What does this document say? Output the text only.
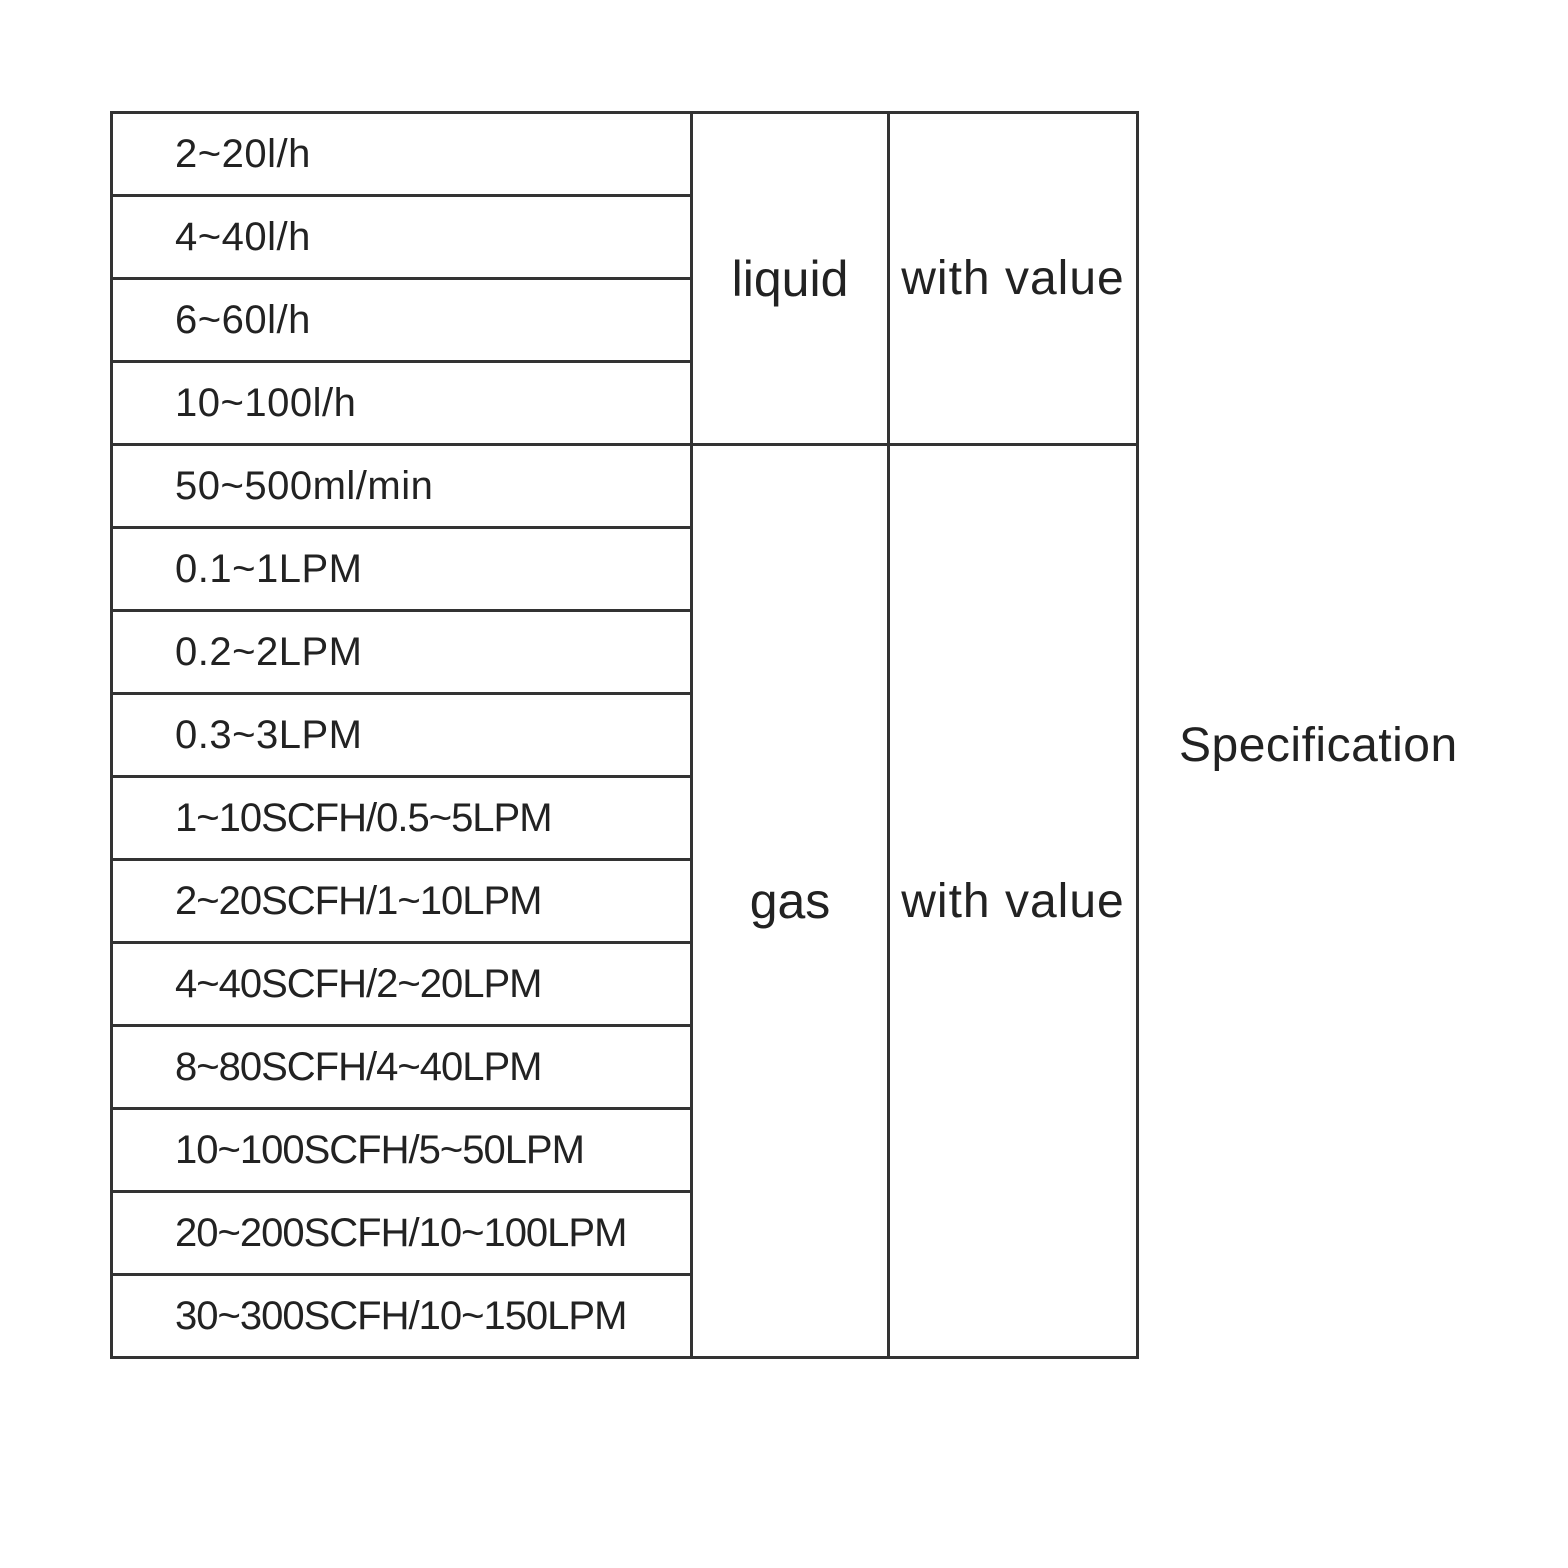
2~20l/h	liquid	with value
4~40l/h		
6~60l/h		
10~100l/h		
50~500ml/min	gas	with value
0.1~1LPM		
0.2~2LPM		
0.3~3LPM		
1~10SCFH/0.5~5LPM		
2~20SCFH/1~10LPM		
4~40SCFH/2~20LPM		
8~80SCFH/4~40LPM		
10~100SCFH/5~50LPM		
20~200SCFH/10~100LPM		
30~300SCFH/10~150LPM		
Specification
